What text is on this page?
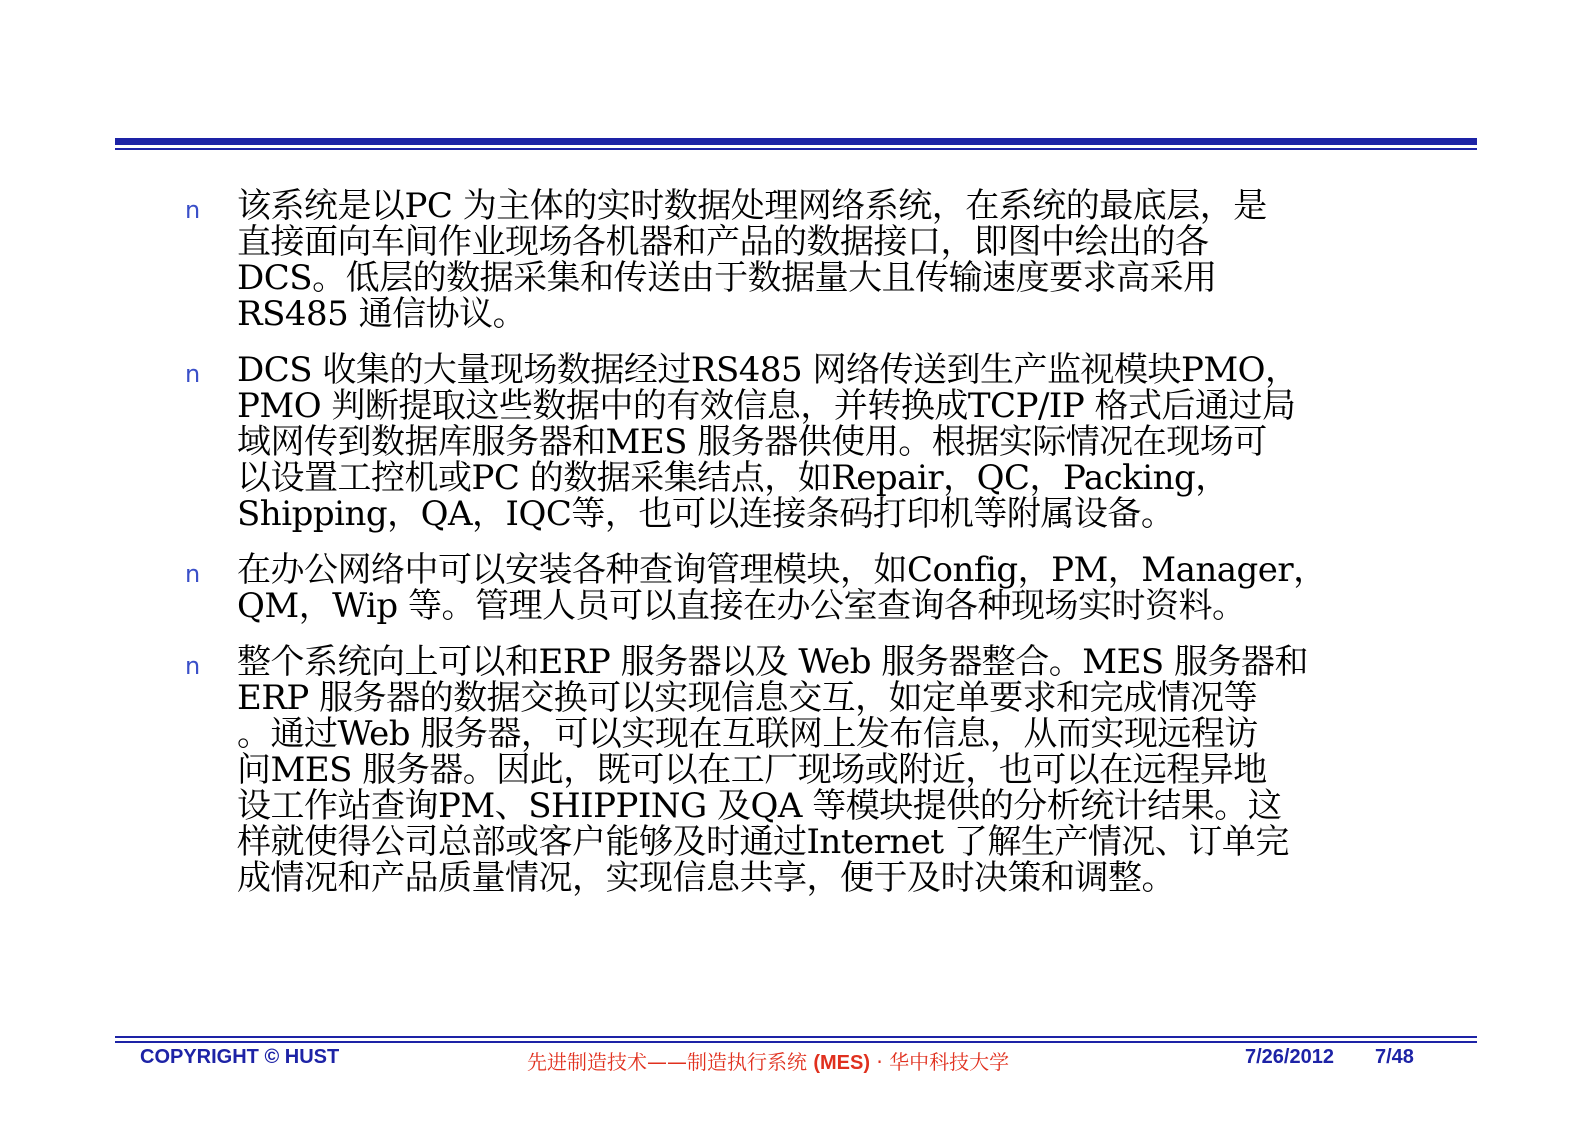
n 该系统是以PC 为主体的实时数据处理网络系统，在系统的最底层，是
直接面向车间作业现场各机器和产品的数据接口，即图中绘出的各
DCS。低层的数据采集和传送由于数据量大且传输速度要求高采用
RS485 通信协议。
n DCS 收集的大量现场数据经过RS485 网络传送到生产监视模块PMO，
PMO 判断提取这些数据中的有效信息，并转换成TCP/IP 格式后通过局
域网传到数据库服务器和MES 服务器供使用。根据实际情况在现场可
以设置工控机或PC 的数据采集结点，如Repair，QC，Packing，
Shipping，QA，IQC等，也可以连接条码打印机等附属设备。
n 在办公网络中可以安装各种查询管理模块，如Config，PM，Manager，
QM，Wip 等。管理人员可以直接在办公室查询各种现场实时资料。
n 整个系统向上可以和ERP 服务器以及 Web 服务器整合。MES 服务器和
ERP 服务器的数据交换可以实现信息交互，如定单要求和完成情况等
。通过Web 服务器，可以实现在互联网上发布信息，从而实现远程访
问MES 服务器。因此，既可以在工厂现场或附近，也可以在远程异地
设工作站查询PM、SHIPPING 及QA 等模块提供的分析统计结果。这
样就使得公司总部或客户能够及时通过Internet 了解生产情况、订单完
成情况和产品质量情况，实现信息共享，便于及时决策和调整。
COPYRIGHT © HUST	先进制造技术——制造执行系统 (MES) · 华中科技大学	7/26/2012 7/48
